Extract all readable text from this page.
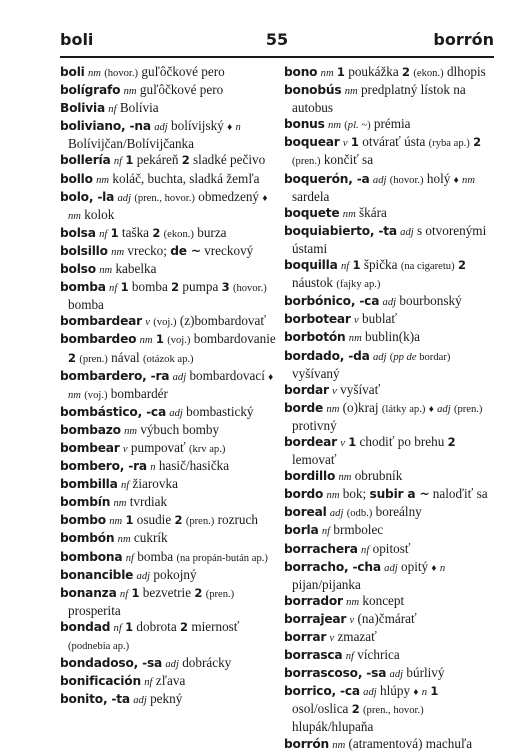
boli	55	borrón
boli nm (hovor.) guľôčkové pero
bolígrafo nm guľôčkové pero
Bolivia nf Bolívia
boliviano, -na adj bolívijský ♦ n Bolívijčan/Bolívijčanka
bollería nf 1 pekáreň 2 sladké pečivo
bollo nm koláč, buchta, sladká žemľa
bolo, -la adj (pren., hovor.) obmedzený ♦ nm kolok
bolsa nf 1 taška 2 (ekon.) burza
bolsillo nm vrecko; de ~ vreckový
bolso nm kabelka
bomba nf 1 bomba 2 pumpa 3 (hovor.) bomba
bombardear v (voj.) (z)bombardovať
bombardeo nm 1 (voj.) bombardovanie 2 (pren.) nával (otázok ap.)
bombardero, -ra adj bombardovací ♦ nm (voj.) bombardér
bombástico, -ca adj bombastický
bombazo nm výbuch bomby
bombear v pumpovať (krv ap.)
bombero, -ra n hasič/hasička
bombilla nf žiarovka
bombín nm tvrdiak
bombo nm 1 osudie 2 (pren.) rozruch
bombón nm cukrík
bombona nf bomba (na propán-bután ap.)
bonancible adj pokojný
bonanza nf 1 bezvetrie 2 (pren.) prosperita
bondad nf 1 dobrota 2 miernosť (podnebia ap.)
bondadoso, -sa adj dobrácky
bonificación nf zľava
bonito, -ta adj pekný
bono nm 1 poukážka 2 (ekon.) dlhopis
bonobús nm predplatný lístok na autobus
bonus nm (pl. ~) prémia
boquear v 1 otvárať ústa (ryba ap.) 2 (pren.) končiť sa
boquerón, -a adj (hovor.) holý ♦ nm sardela
boquete nm škára
boquiabierto, -ta adj s otvorenými ústami
boquilla nf 1 špička (na cigaretu) 2 náustok (fajky ap.)
borbónico, -ca adj bourbonský
borbotear v bublať
borbotón nm bublin(k)a
bordado, -da adj (pp de bordar) vyšívaný
bordar v vyšívať
borde nm (o)kraj (látky ap.) ♦ adj (pren.) protivný
bordear v 1 chodiť po brehu 2 lemovať
bordillo nm obrubník
bordo nm bok; subir a ~ naloďiť sa
boreal adj (odb.) boreálny
borla nf brmbolec
borrachera nf opitosť
borracho, -cha adj opitý ♦ n pijan/pijanka
borrador nm koncept
borrajear v (na)čmárať
borrar v zmazať
borrasca nf víchrica
borrascoso, -sa adj búrlivý
borrico, -ca adj hlúpy ♦ n 1 osol/oslica 2 (pren., hovor.) hlupák/hlupaňa
borrón nm (atramentová) machuľa
